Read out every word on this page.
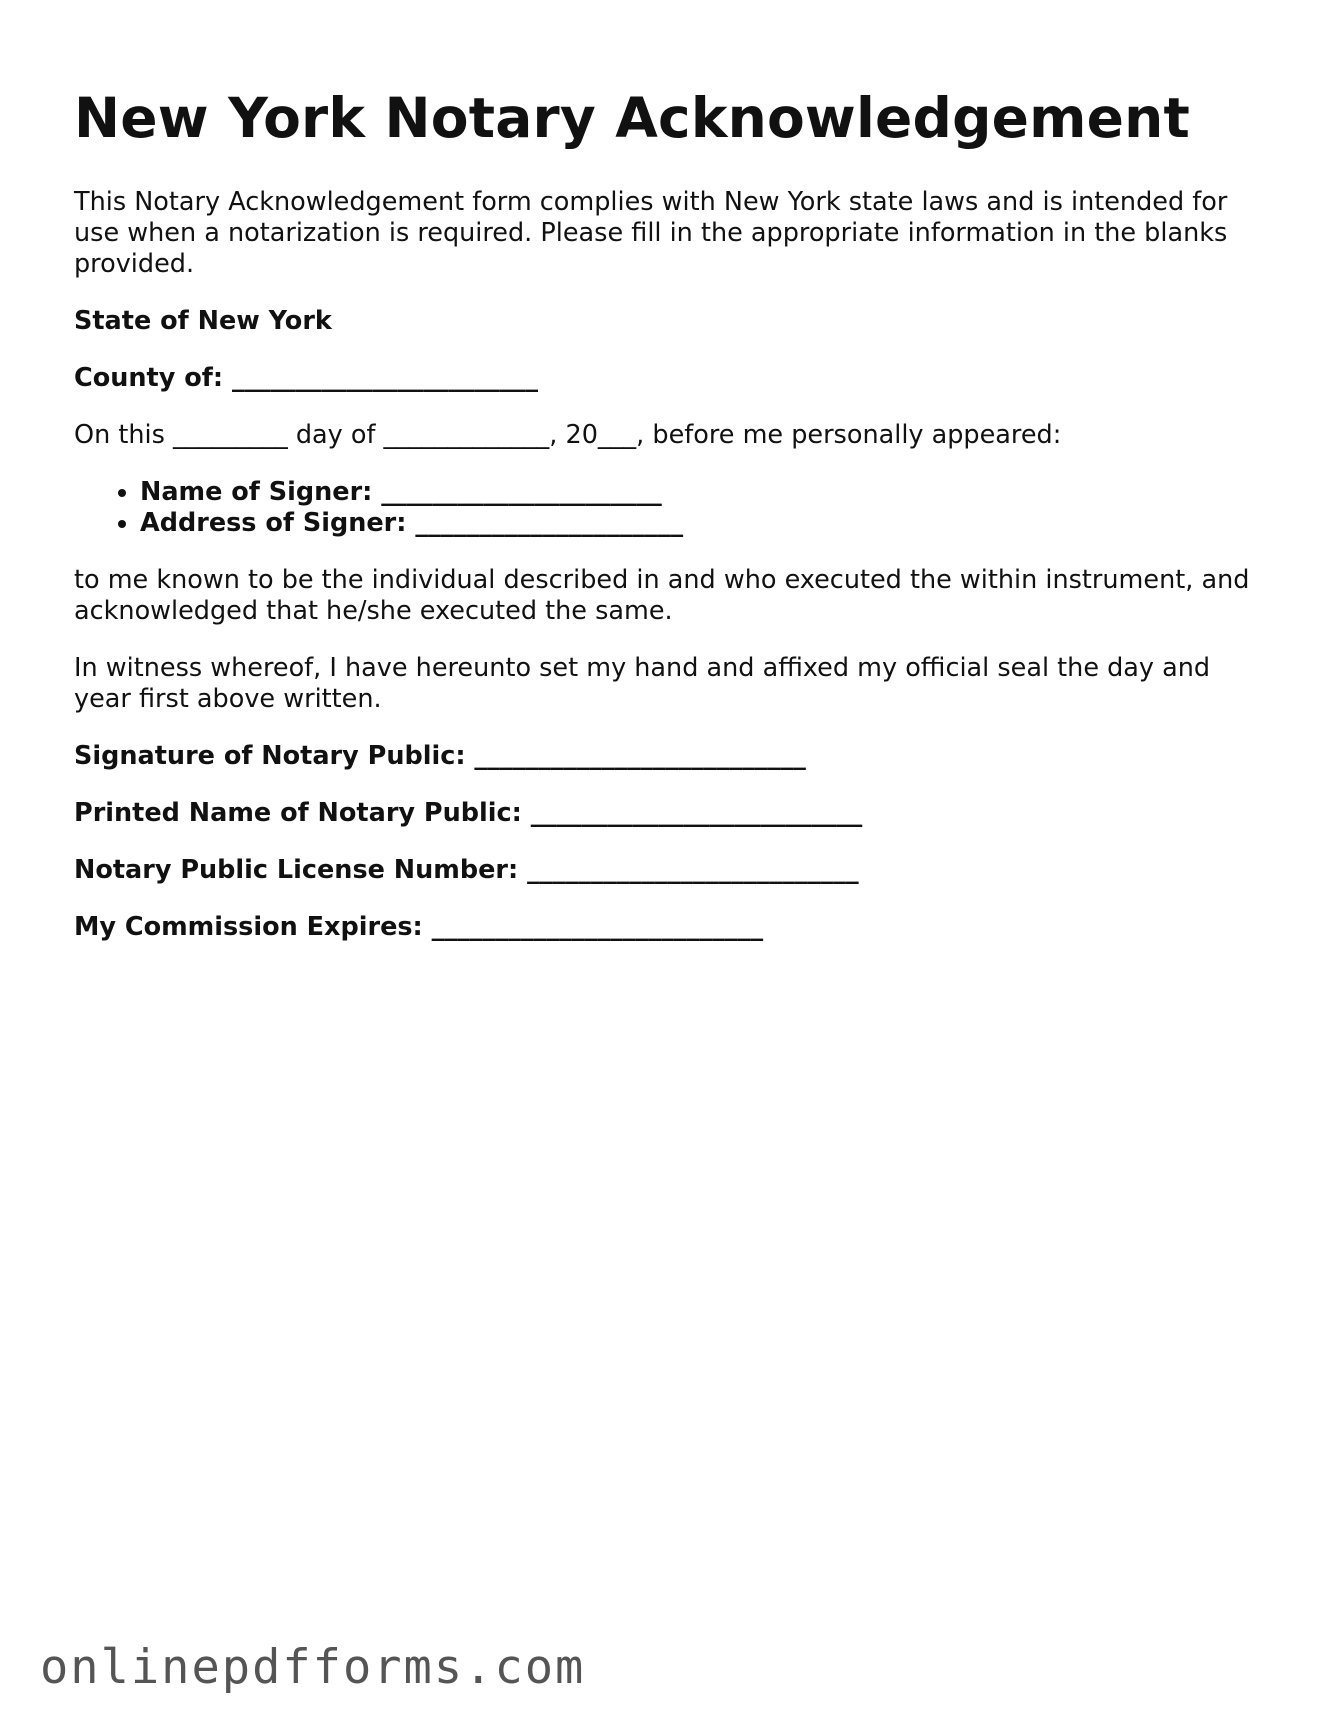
New York Notary Acknowledgement

This Notary Acknowledgement form complies with New York state laws and is intended for use when a notarization is required. Please fill in the appropriate information in the blanks provided.

State of New York

County of: ________________________

On this _________ day of _____________, 20___, before me personally appeared:

• Name of Signer: ______________________
• Address of Signer: _____________________

to me known to be the individual described in and who executed the within instrument, and acknowledged that he/she executed the same.

In witness whereof, I have hereunto set my hand and affixed my official seal the day and year first above written.

Signature of Notary Public: __________________________

Printed Name of Notary Public: __________________________

Notary Public License Number: __________________________

My Commission Expires: __________________________

onlinepdfforms.com
